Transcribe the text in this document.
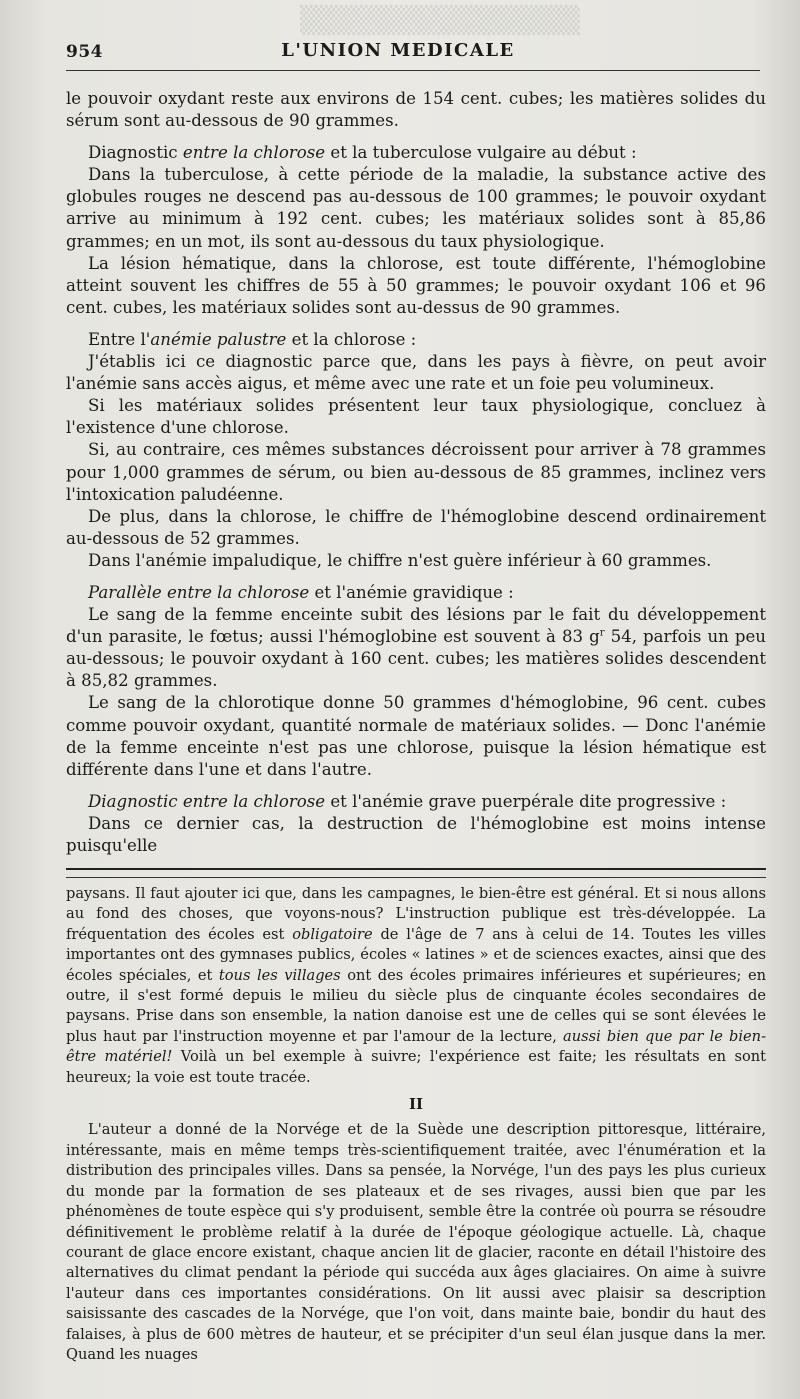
▒▒▒▒▒▒▒▒▒▒▒▒▒▒
954	L'UNION MEDICALE

le pouvoir oxydant reste aux environs de 154 cent. cubes; les matières solides du sérum sont au-dessous de 90 grammes.

Diagnostic entre la chlorose et la tuberculose vulgaire au début :

Dans la tuberculose, à cette période de la maladie, la substance active des globules rouges ne descend pas au-dessous de 100 grammes; le pouvoir oxydant arrive au minimum à 192 cent. cubes; les matériaux solides sont à 85,86 grammes; en un mot, ils sont au-dessous du taux physiologique.

La lésion hématique, dans la chlorose, est toute différente, l'hémoglobine atteint souvent les chiffres de 55 à 50 grammes; le pouvoir oxydant 106 et 96 cent. cubes, les matériaux solides sont au-dessus de 90 grammes.

Entre l'anémie palustre et la chlorose :

J'établis ici ce diagnostic parce que, dans les pays à fièvre, on peut avoir l'anémie sans accès aigus, et même avec une rate et un foie peu volumineux.

Si les matériaux solides présentent leur taux physiologique, concluez à l'existence d'une chlorose.

Si, au contraire, ces mêmes substances décroissent pour arriver à 78 grammes pour 1,000 grammes de sérum, ou bien au-dessous de 85 grammes, inclinez vers l'intoxication paludéenne.

De plus, dans la chlorose, le chiffre de l'hémoglobine descend ordinairement au-dessous de 52 grammes.

Dans l'anémie impaludique, le chiffre n'est guère inférieur à 60 grammes.

Parallèle entre la chlorose et l'anémie gravidique :

Le sang de la femme enceinte subit des lésions par le fait du développement d'un parasite, le fœtus; aussi l'hémoglobine est souvent à 83 $g^r$ 54, parfois un peu au-dessous; le pouvoir oxydant à 160 cent. cubes; les matières solides descendent à 85,82 grammes.

Le sang de la chlorotique donne 50 grammes d'hémoglobine, 96 cent. cubes comme pouvoir oxydant, quantité normale de matériaux solides. — Donc l'anémie de la femme enceinte n'est pas une chlorose, puisque la lésion hématique est différente dans l'une et dans l'autre.

Diagnostic entre la chlorose et l'anémie grave puerpérale dite progressive :

Dans ce dernier cas, la destruction de l'hémoglobine est moins intense puisqu'elle

paysans. Il faut ajouter ici que, dans les campagnes, le bien-être est général. Et si nous allons au fond des choses, que voyons-nous? L'instruction publique est très-développée. La fréquentation des écoles est obligatoire de l'âge de 7 ans à celui de 14. Toutes les villes importantes ont des gymnases publics, écoles « latines » et de sciences exactes, ainsi que des écoles spéciales, et tous les villages ont des écoles primaires inférieures et supérieures; en outre, il s'est formé depuis le milieu du siècle plus de cinquante écoles secondaires de paysans. Prise dans son ensemble, la nation danoise est une de celles qui se sont élevées le plus haut par l'instruction moyenne et par l'amour de la lecture, aussi bien que par le bien-être matériel! Voilà un bel exemple à suivre; l'expérience est faite; les résultats en sont heureux; la voie est toute tracée.

II

L'auteur a donné de la Norvége et de la Suède une description pittoresque, littéraire, intéressante, mais en même temps très-scientifiquement traitée, avec l'énumération et la distribution des principales villes. Dans sa pensée, la Norvége, l'un des pays les plus curieux du monde par la formation de ses plateaux et de ses rivages, aussi bien que par les phénomènes de toute espèce qui s'y produisent, semble être la contrée où pourra se résoudre définitivement le problème relatif à la durée de l'époque géologique actuelle. Là, chaque courant de glace encore existant, chaque ancien lit de glacier, raconte en détail l'histoire des alternatives du climat pendant la période qui succéda aux âges glaciaires. On aime à suivre l'auteur dans ces importantes considérations. On lit aussi avec plaisir sa description saisissante des cascades de la Norvége, que l'on voit, dans mainte baie, bondir du haut des falaises, à plus de 600 mètres de hauteur, et se précipiter d'un seul élan jusque dans la mer. Quand les nuages
